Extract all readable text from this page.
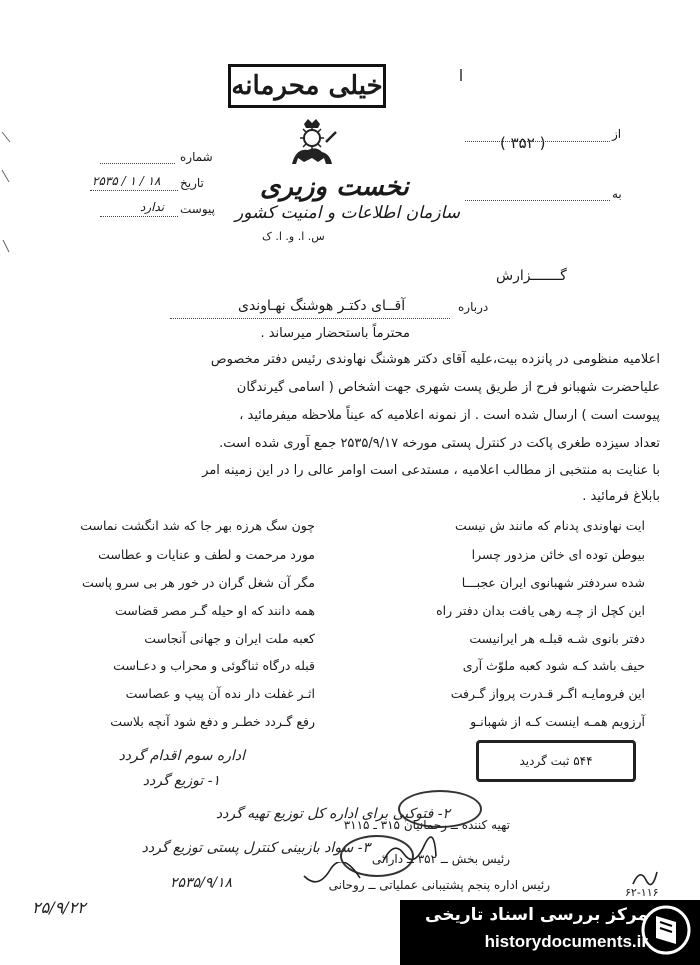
خیلی محرمانه
نخست وزیری
سازمان اطلاعات و امنیت کشور
س. ا. و. ا. ک
شماره
تاریخ
۱۸ / ۱ / ۲۵۳۵
پیوست
ندارد
از
( ۳۵۲ )
به
گـــــــزارش
درباره
آقــای دکتـر هوشنگ نهـاوندی
محترماً باستحضار میرساند .
اعلامیه منظومی در پانزده بیت،علیه آقای دکتر هوشنگ نهاوندی رئیس دفتر مخصوص
علیاحضرت شهبانو فرح از طریق پست شهری جهت اشخاص ( اسامی گیرندگان
پیوست است ) ارسال شده است . از نمونه اعلامیه که عیناً ملاحظه میفرمائید ،
تعداد سیزده طغری پاکت در کنترل پستی مورخه ۲۵۳۵/۹/۱۷ جمع آوری شده است.
با عنایت به منتخبی از مطالب اعلامیه ، مستدعی است اوامر عالی را در این زمینه امر
بابلاغ فرمائید .
ایت نهاوندی پدنام که مانند ش نیست
چون سگ هرزه بهر جا که شد انگشت نماست
بیوطن توده ای خائن مزدور چسرا
مورد مرحمت و لطف و عنایات و عطاست
شده سردفتر شهبانوی ایران عجبـــا
مگر آن شغل گران در خور هر بی سرو پاست
این کچل از چـه رهی یافت بدان دفتر راه
همه دانند که او حیله گـر مصر قضاست
دفتر بانوی شـه قبلـه هر ایرانیست
کعبه ملت ایران و جهانی آنجاست
حیف باشد کـه شود کعبه ملوّث آری
قبله درگاه ثناگوئی و محراب و دعـاست
این فرومایـه اگـر قـدرت پرواز گـرفت
اثـر غفلت دار نده آن پیپ و عصاست
آرزویم همـه اینست کـه از شهبانـو
رفع گـردد خطـر و دفع شود آنچه بلاست
۵۴۴ ثبت گردید
اداره سوم اقدام گردد
۱- توزیع گردد
۲- فتوکپی برای اداره کل توزیع تهیه گردد
۳- سواد بازبینی کنترل پستی توزیع گردد
۲۵۳۵/۹/۱۸
۲۵/۹/۲۲
تهیه کننده ــ رحمانیان ۳۱۵ ـ ۳۱۱۵
رئیس بخش ــ ۳۵۲ ــ دارائی
رئیس اداره پنجم پشتیبانی عملیاتی ــ روحانی
۶۲-۱۱۶
مرکز بررسی اسناد تاریخی
historydocuments.ir
